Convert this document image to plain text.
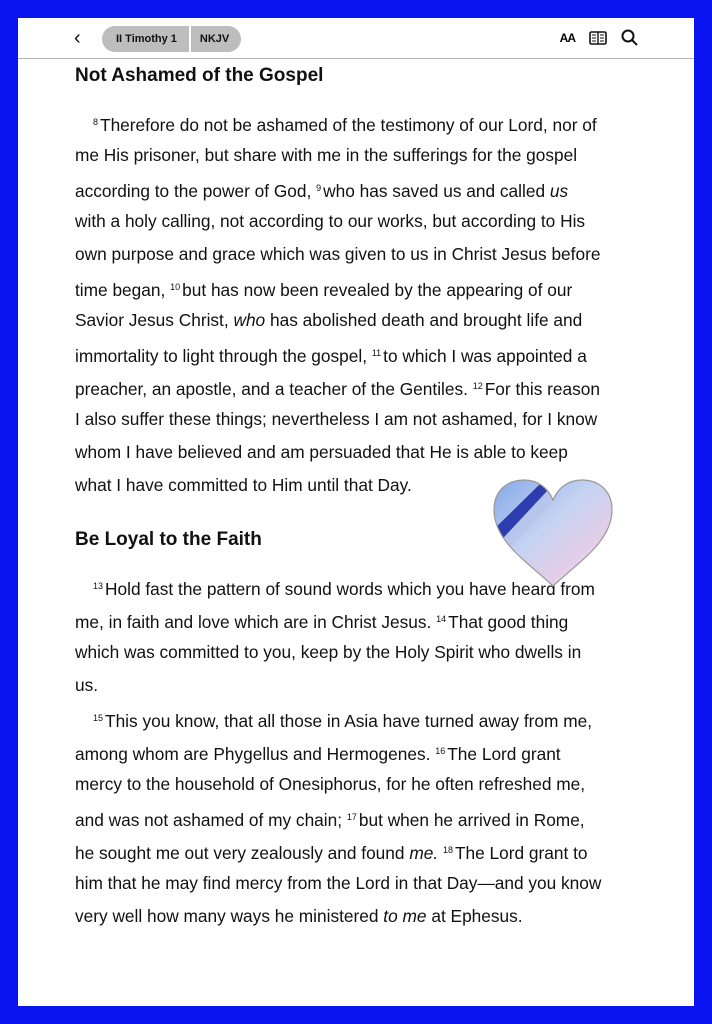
‹	II Timothy 1	NKJV	AA
Not Ashamed of the Gospel
$^8$ Therefore do not be ashamed of the testimony of our Lord, nor of
me His prisoner, but share with me in the sufferings for the gospel
according to the power of God, $^9$ who has saved us and called us
with a holy calling, not according to our works, but according to His
own purpose and grace which was given to us in Christ Jesus before
time began, $^{10}$ but has now been revealed by the appearing of our
Savior Jesus Christ, who has abolished death and brought life and
immortality to light through the gospel, $^{11}$ to which I was appointed a
preacher, an apostle, and a teacher of the Gentiles. $^{12}$ For this reason
I also suffer these things; nevertheless I am not ashamed, for I know
whom I have believed and am persuaded that He is able to keep
what I have committed to Him until that Day.
Be Loyal to the Faith
$^{13}$ Hold fast the pattern of sound words which you have heard from
me, in faith and love which are in Christ Jesus. $^{14}$ That good thing
which was committed to you, keep by the Holy Spirit who dwells in
us.
$^{15}$ This you know, that all those in Asia have turned away from me,
among whom are Phygellus and Hermogenes. $^{16}$ The Lord grant
mercy to the household of Onesiphorus, for he often refreshed me,
and was not ashamed of my chain; $^{17}$ but when he arrived in Rome,
he sought me out very zealously and found me. $^{18}$ The Lord grant to
him that he may find mercy from the Lord in that Day—and you know
very well how many ways he ministered to me at Ephesus.
